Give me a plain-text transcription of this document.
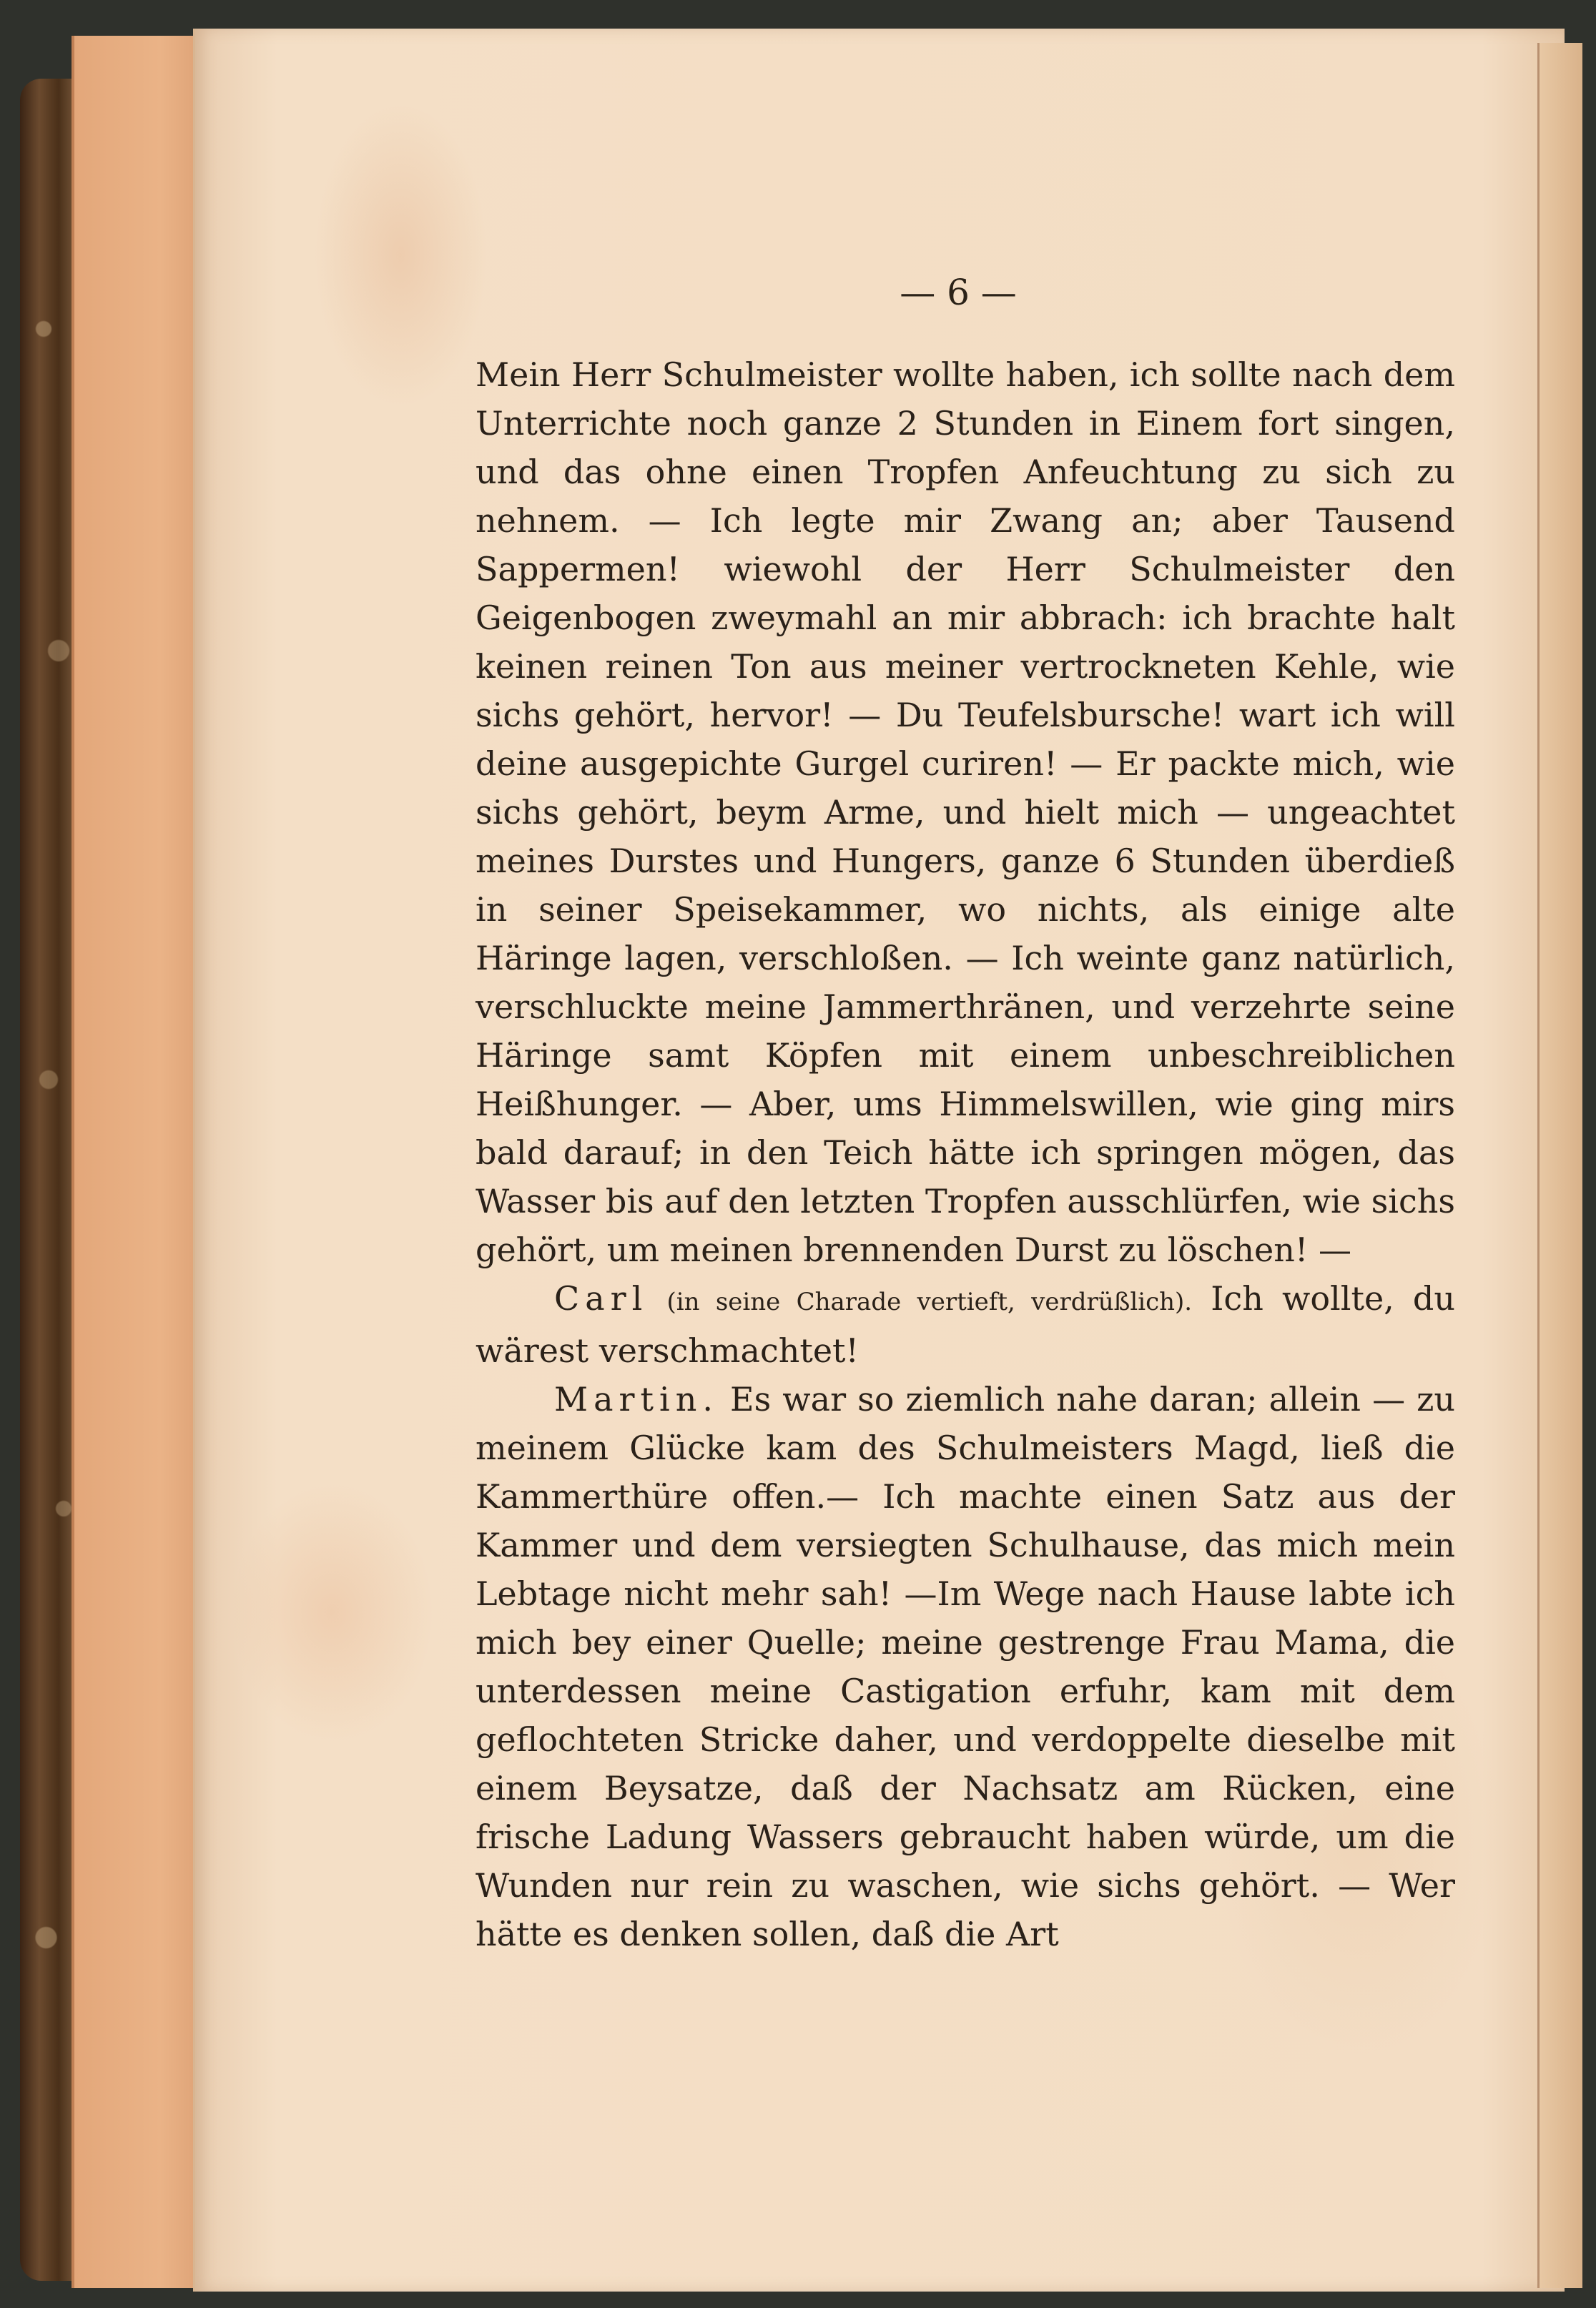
— 6 —

Mein Herr Schulmeister wollte haben, ich sollte nach dem Unterrichte noch ganze 2 Stunden in Einem fort singen, und das ohne einen Tropfen Anfeuchtung zu sich zu nehnem. — Ich legte mir Zwang an; aber Tausend Sappermen! wiewohl der Herr Schulmeister den Geigenbogen zweymahl an mir abbrach: ich brachte halt keinen reinen Ton aus meiner vertrockneten Kehle, wie sichs gehört, hervor! — Du Teufelsbursche! wart ich will deine ausgepichte Gurgel curiren! — Er packte mich, wie sichs gehört, beym Arme, und hielt mich — ungeachtet meines Durstes und Hungers, ganze 6 Stunden überdieß in seiner Speisekammer, wo nichts, als einige alte Häringe lagen, verschloßen. — Ich weinte ganz natürlich, verschluckte meine Jammerthränen, und verzehrte seine Häringe samt Köpfen mit einem unbeschreiblichen Heißhunger. — Aber, ums Himmelswillen, wie ging mirs bald darauf; in den Teich hätte ich springen mögen, das Wasser bis auf den letzten Tropfen ausschlürfen, wie sichs gehört, um meinen brennenden Durst zu löschen! —

Carl (in seine Charade vertieft, verdrüßlich). Ich wollte, du wärest verschmachtet!

Martin. Es war so ziemlich nahe daran; allein — zu meinem Glücke kam des Schulmeisters Magd, ließ die Kammerthüre offen.— Ich machte einen Satz aus der Kammer und dem versiegten Schulhause, das mich mein Lebtage nicht mehr sah! —Im Wege nach Hause labte ich mich bey einer Quelle; meine gestrenge Frau Mama, die unterdessen meine Castigation erfuhr, kam mit dem geflochteten Stricke daher, und verdoppelte dieselbe mit einem Beysatze, daß der Nachsatz am Rücken, eine frische Ladung Wassers gebraucht haben würde, um die Wunden nur rein zu waschen, wie sichs gehört. — Wer hätte es denken sollen, daß die Art
